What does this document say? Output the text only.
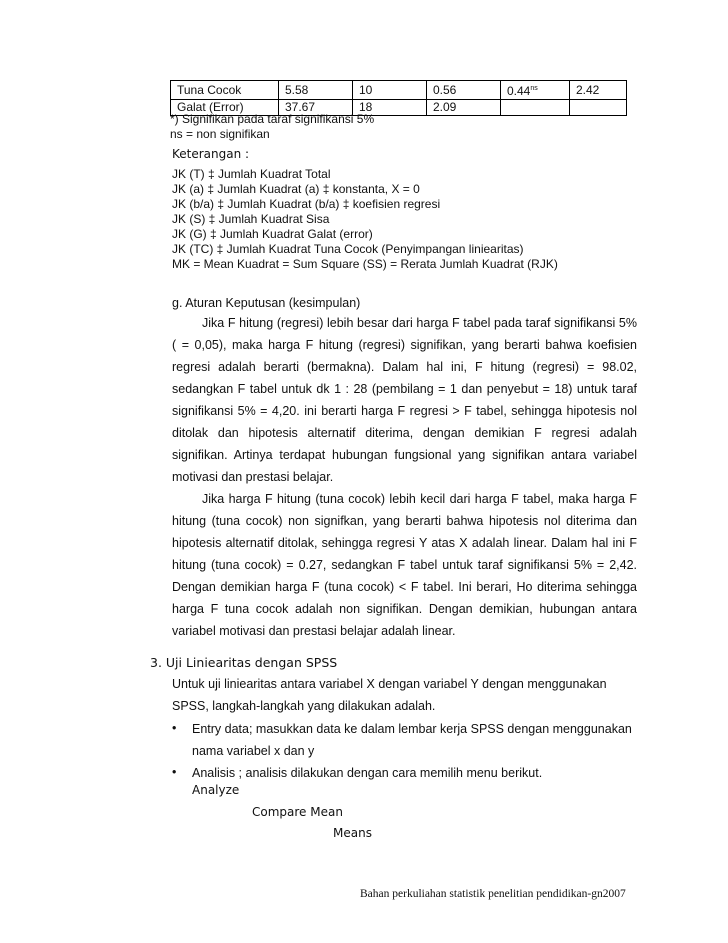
Tuna Cocok	5.58	10	0.56	$0.44^{ns}$	2.42
Galat (Error)	37.67	18	2.09		
*) Signifikan pada taraf signifikansi 5%
ns = non signifikan
Keterangan :
JK (T) ‡ Jumlah Kuadrat Total
JK (a) ‡ Jumlah Kuadrat (a) ‡ konstanta, X = 0
JK (b/a) ‡ Jumlah Kuadrat (b/a) ‡ koefisien regresi
JK (S) ‡ Jumlah Kuadrat Sisa
JK (G) ‡ Jumlah Kuadrat Galat (error)
JK (TC) ‡ Jumlah Kuadrat Tuna Cocok (Penyimpangan liniearitas)
MK = Mean Kuadrat = Sum Square (SS) = Rerata Jumlah Kuadrat (RJK)
g. Aturan Keputusan (kesimpulan)

Jika F hitung (regresi) lebih besar dari harga F tabel pada taraf signifikansi 5% ( = 0,05), maka harga F hitung (regresi) signifikan, yang berarti bahwa koefisien regresi adalah berarti (bermakna). Dalam hal ini, F hitung (regresi) = 98.02, sedangkan F tabel untuk dk 1 : 28 (pembilang = 1 dan penyebut = 18) untuk taraf signifikansi 5% = 4,20. ini berarti harga F regresi > F tabel, sehingga hipotesis nol ditolak dan hipotesis alternatif diterima, dengan demikian F regresi adalah signifikan. Artinya terdapat hubungan fungsional yang signifikan antara variabel motivasi dan prestasi belajar.

Jika harga F hitung (tuna cocok) lebih kecil dari harga F tabel, maka harga F hitung (tuna cocok) non signifkan, yang berarti bahwa hipotesis nol diterima dan hipotesis alternatif ditolak, sehingga regresi Y atas X adalah linear. Dalam hal ini F hitung (tuna cocok) = 0.27, sedangkan F tabel untuk taraf signifikansi 5% = 2,42. Dengan demikian harga F (tuna cocok) < F tabel. Ini berari, Ho diterima sehingga harga F tuna cocok adalah non signifikan. Dengan demikian, hubungan antara variabel motivasi dan prestasi belajar adalah linear.

3. Uji Liniearitas dengan SPSS
Untuk uji liniearitas antara variabel X dengan variabel Y dengan menggunakan
SPSS, langkah-langkah yang dilakukan adalah.
• Entry data; masukkan data ke dalam lembar kerja SPSS dengan menggunakan
nama variabel x dan y
• Analisis ; analisis dilakukan dengan cara memilih menu berikut.
Analyze
Compare Mean
Means
Bahan perkuliahan statistik penelitian pendidikan-gn2007
